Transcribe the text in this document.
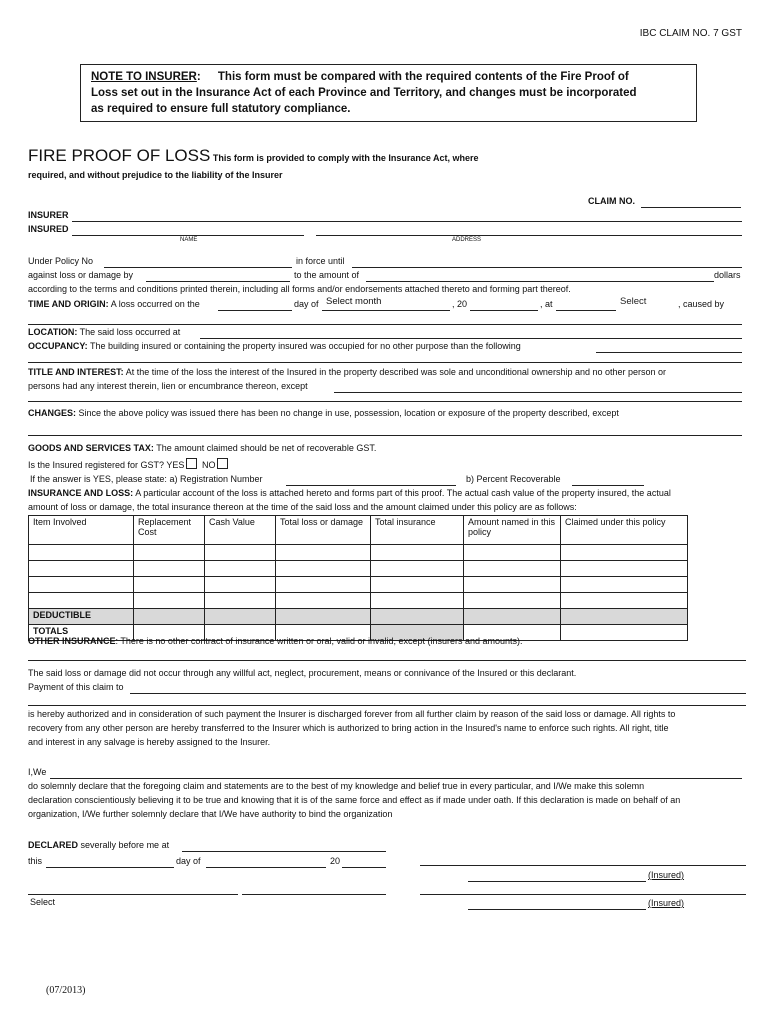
IBC CLAIM NO. 7 GST
NOTE TO INSURER: This form must be compared with the required contents of the Fire Proof of
Loss set out in the Insurance Act of each Province and Territory, and changes must be incorporated
as required to ensure full statutory compliance.
FIRE PROOF OF LOSS This form is provided to comply with the Insurance Act, where
required, and without prejudice to the liability of the Insurer
CLAIM NO.
INSURER
INSURED
NAME	ADDRESS
Under Policy No	in force until
against loss or damage by	to the amount of	dollars
according to the terms and conditions printed therein, including all forms and/or endorsements attached thereto and forming part thereof.
TIME AND ORIGIN: A loss occurred on the	day of Select month	, 20	, at	Select	, caused by
LOCATION: The said loss occurred at
OCCUPANCY: The building insured or containing the property insured was occupied for no other purpose than the following
TITLE AND INTEREST: At the time of the loss the interest of the Insured in the property described was sole and unconditional ownership and no other person or
persons had any interest therein, lien or encumbrance thereon, except
CHANGES: Since the above policy was issued there has been no change in use, possession, location or exposure of the property described, except
GOODS AND SERVICES TAX: The amount claimed should be net of recoverable GST.
Is the Insured registered for GST? YES NO
If the answer is YES, please state: a) Registration Number	b) Percent Recoverable
INSURANCE AND LOSS: A particular account of the loss is attached hereto and forms part of this proof. The actual cash value of the property insured, the actual
amount of loss or damage, the total insurance thereon at the time of the said loss and the amount claimed under this policy are as follows:
Item Involved	Replacement Cost	Cash Value	Total loss or damage	Total insurance	Amount named in this policy	Claimed under this policy

DEDUCTIBLE						
TOTALS						
OTHER INSURANCE: There is no other contract of insurance written or oral, valid or invalid, except (insurers and amounts).
The said loss or damage did not occur through any willful act, neglect, procurement, means or connivance of the Insured or this declarant.
Payment of this claim to
is hereby authorized and in consideration of such payment the Insurer is discharged forever from all further claim by reason of the said loss or damage. All rights to
recovery from any other person are hereby transferred to the Insurer which is authorized to bring action in the Insured's name to enforce such rights. All right, title
and interest in any salvage is hereby assigned to the Insurer.
I,We
do solemnly declare that the foregoing claim and statements are to the best of my knowledge and belief true in every particular, and I/We make this solemn
declaration conscientiously believing it to be true and knowing that it is of the same force and effect as if made under oath. If this declaration is made on behalf of an
organization, I/We further solemnly declare that I/We have authority to bind the organization
DECLARED severally before me at
this	day of	20
(Insured)
Select	(Insured)
(07/2013)
